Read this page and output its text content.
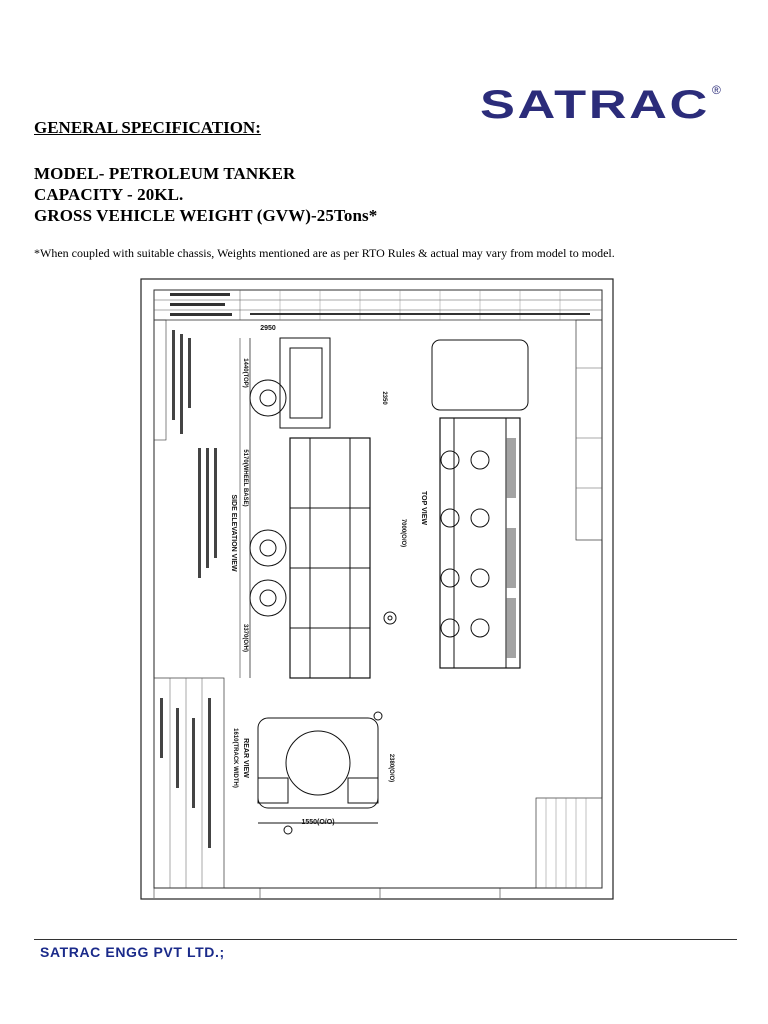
SATRAC ®
GENERAL SPECIFICATION:
MODEL- PETROLEUM TANKER
CAPACITY - 20KL.
GROSS VEHICLE WEIGHT (GVW)-25Tons*
*When coupled with suitable chassis, Weights mentioned are as per RTO Rules & actual may vary from model to model.
SIDE ELEVATION VIEW
2950
1440(TOP)
5170(WHEEL BASE)
3370(O/H)
2350
7000(O/O)
TOP VIEW
REAR VIEW
1610(TRACK WIDTH)	2380(O/O)
1550(O/O)
SATRAC ENGG PVT LTD.;
